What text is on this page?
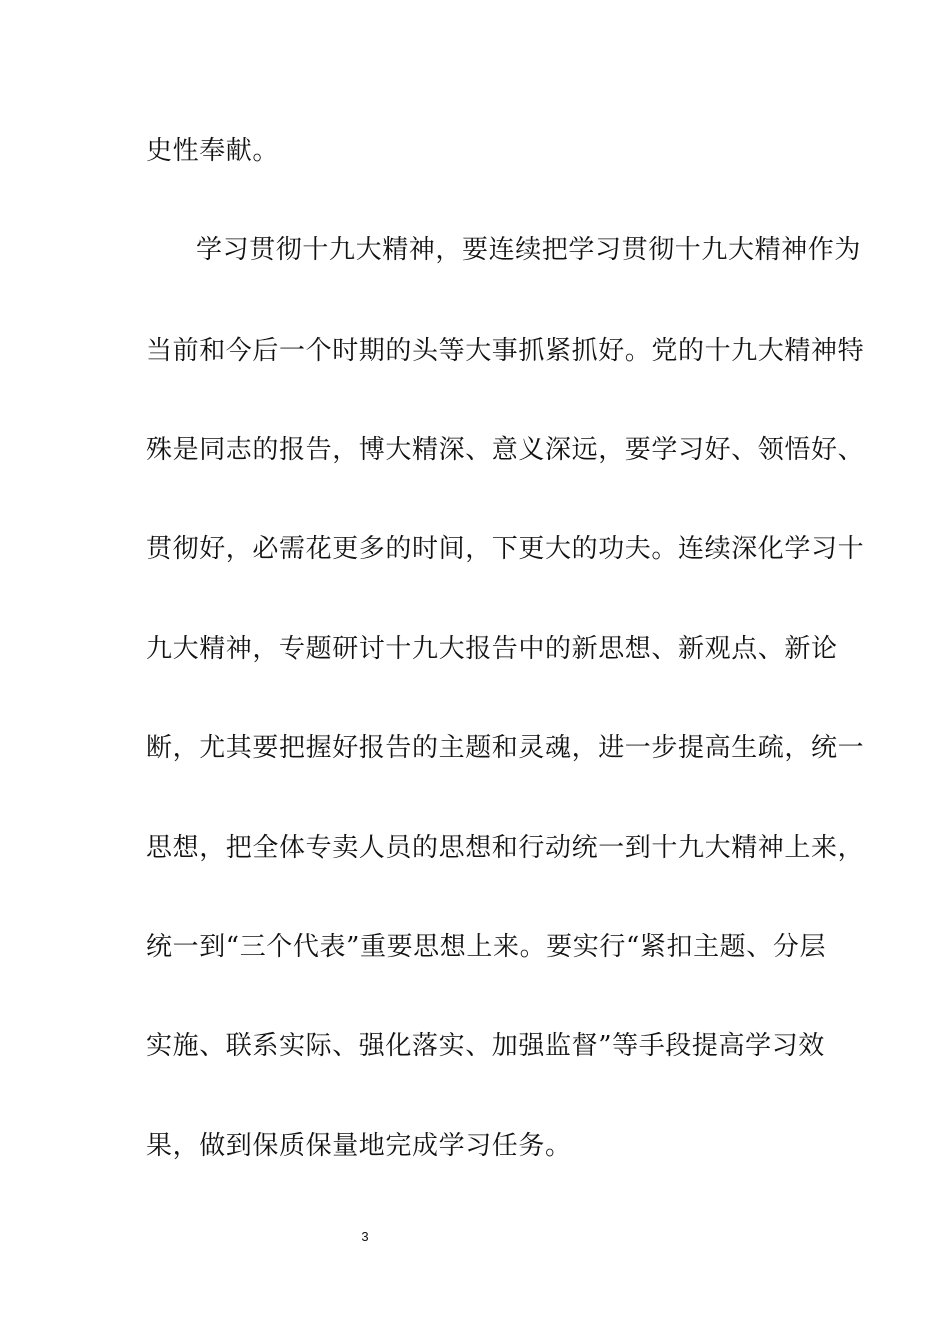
史性奉献。
学习贯彻十九大精神，要连续把学习贯彻十九大精神作为
当前和今后一个时期的头等大事抓紧抓好。党的十九大精神特
殊是同志的报告，博大精深、意义深远，要学习好、领悟好、
贯彻好，必需花更多的时间，下更大的功夫。连续深化学习十
九大精神，专题研讨十九大报告中的新思想、新观点、新论
断，尤其要把握好报告的主题和灵魂，进一步提高生疏，统一
思想，把全体专卖人员的思想和行动统一到十九大精神上来，
统一到“三个代表”重要思想上来。要实行“紧扣主题、分层
实施、联系实际、强化落实、加强监督”等手段提高学习效
果，做到保质保量地完成学习任务。
3
